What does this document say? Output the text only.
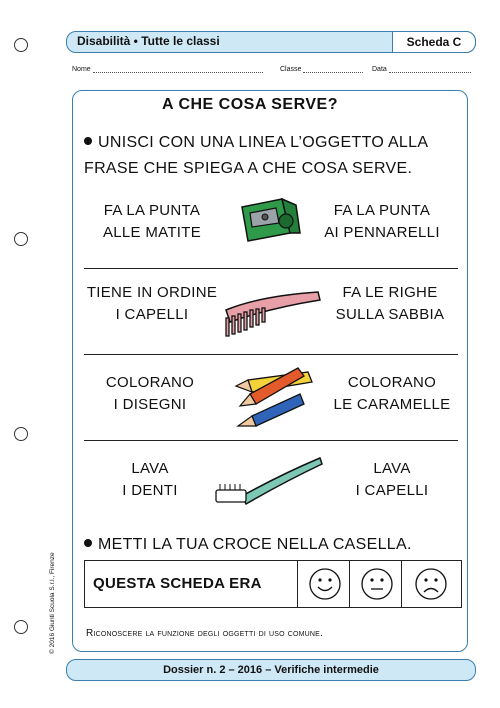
Disabilità • Tutte le classi	Scheda C
Nome	Classe	Data
A CHE COSA SERVE?
UNISCI CON UNA LINEA L’OGGETTO ALLA FRASE CHE SPIEGA A CHE COSA SERVE.
FA LA PUNTA
ALLE MATITE
FA LA PUNTA
AI PENNARELLI
TIENE IN ORDINE
I CAPELLI
FA LE RIGHE
SULLA SABBIA
COLORANO
I DISEGNI
COLORANO
LE CARAMELLE
LAVA
I DENTI
LAVA
I CAPELLI
METTI LA TUA CROCE NELLA CASELLA.
QUESTA SCHEDA ERA
Riconoscere la funzione degli oggetti di uso comune.
Dossier n. 2 – 2016 – Verifiche intermedie
© 2016 Giunti Scuola S.r.l., Firenze
